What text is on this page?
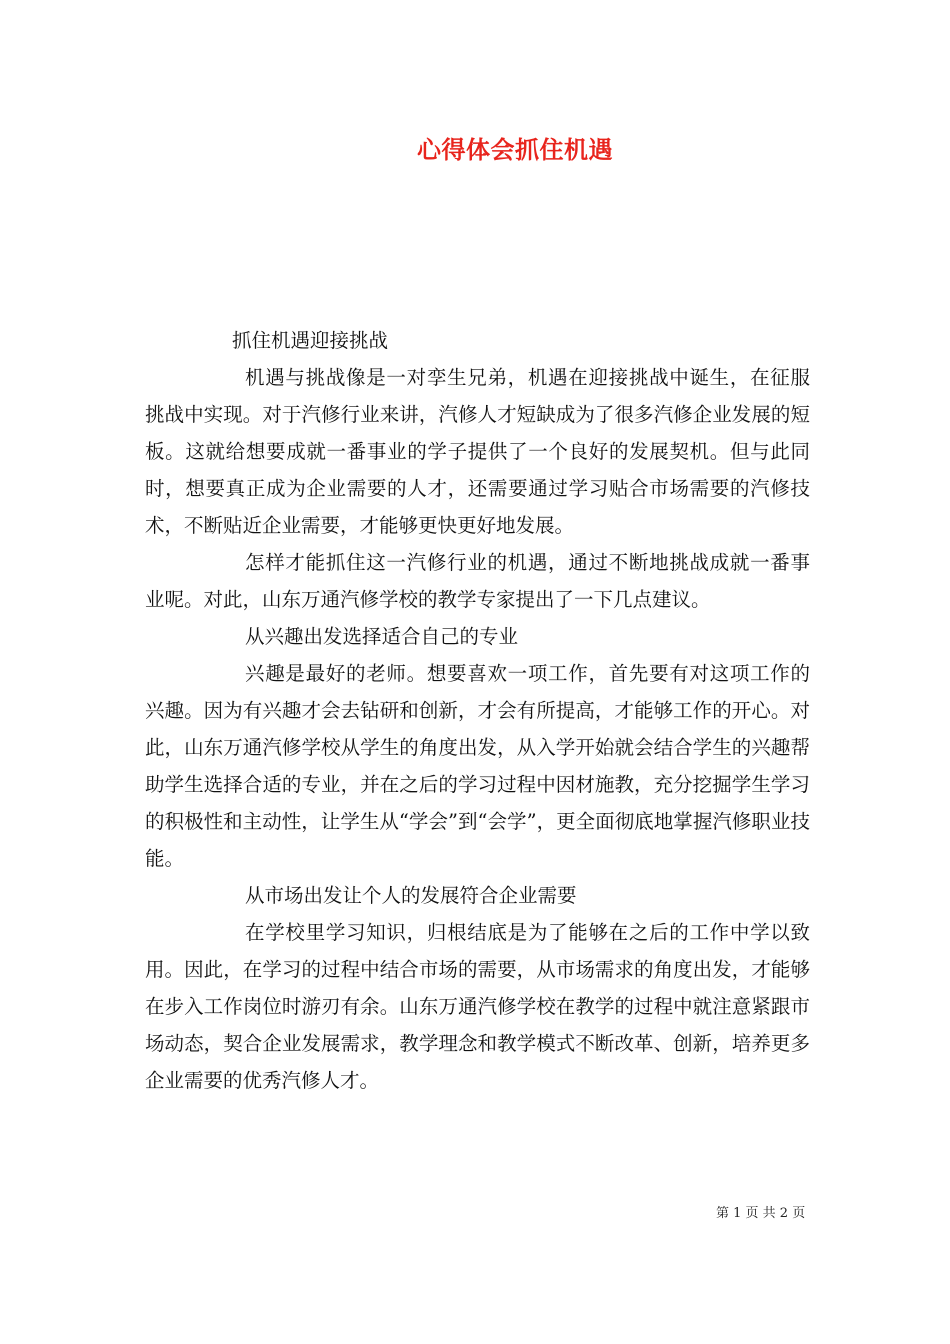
心得体会抓住机遇

抓住机遇迎接挑战

机遇与挑战像是一对孪生兄弟，机遇在迎接挑战中诞生，在征服挑战中实现。对于汽修行业来讲，汽修人才短缺成为了很多汽修企业发展的短板。这就给想要成就一番事业的学子提供了一个良好的发展契机。但与此同时，想要真正成为企业需要的人才，还需要通过学习贴合市场需要的汽修技术，不断贴近企业需要，才能够更快更好地发展。

怎样才能抓住这一汽修行业的机遇，通过不断地挑战成就一番事业呢。对此，山东万通汽修学校的教学专家提出了一下几点建议。

从兴趣出发选择适合自己的专业

兴趣是最好的老师。想要喜欢一项工作，首先要有对这项工作的兴趣。因为有兴趣才会去钻研和创新，才会有所提高，才能够工作的开心。对此，山东万通汽修学校从学生的角度出发，从入学开始就会结合学生的兴趣帮助学生选择合适的专业，并在之后的学习过程中因材施教，充分挖掘学生学习的积极性和主动性，让学生从“学会”到“会学”，更全面彻底地掌握汽修职业技能。

从市场出发让个人的发展符合企业需要

在学校里学习知识，归根结底是为了能够在之后的工作中学以致用。因此，在学习的过程中结合市场的需要，从市场需求的角度出发，才能够在步入工作岗位时游刃有余。山东万通汽修学校在教学的过程中就注意紧跟市场动态，契合企业发展需求，教学理念和教学模式不断改革、创新，培养更多企业需要的优秀汽修人才。

第 1 页 共 2 页
